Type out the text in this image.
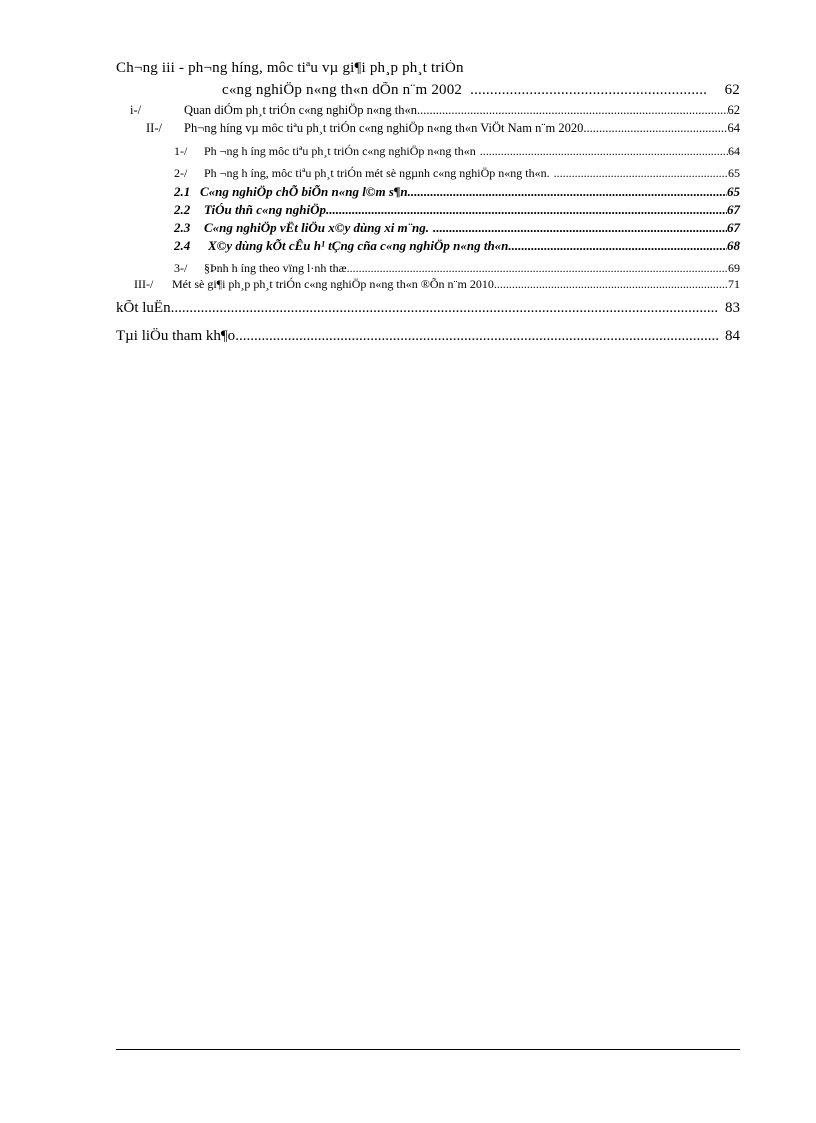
Ch¬ng iii - ph¬ng híng, môc tiªu vµ gi¶i ph¸p ph¸t triÓn
c«ng nghiÖp n«ng th«n dÕn n¨m 2002 .....	62
i-/	Quan diÓm ph¸t triÓn c«ng nghiÖp n«ng th«n. .....	62
II-/	Ph¬ng híng vµ môc tiªu ph¸t triÓn c«ng nghiÖp n«ng th«n ViÖt Nam n¨m 2020 .....	64
1-/	Ph ¬ng h íng môc tiªu ph¸t triÓn c«ng nghiÖp n«ng th«n .....	64
2-/	Ph ¬ng h íng, môc tiªu ph¸t triÓn mét sè ngµnh c«ng nghiÖp n«ng th«n. .....	65
2.1 C«ng nghiÖp chÕ biÕn n«ng l©m s¶n. .....	65
2.2	TiÓu thñ c«ng nghiÖp .....	67
2.3	C«ng nghiÖp vËt liÖu x©y dùng xi m¨ng. .....	67
2.4	X©y dùng kÕt cÊu h¹ tÇng cña c«ng nghiÖp n«ng th«n .....	68
3-/	§Þnh h íng theo vïng l·nh thæ. .....	69
III-/	Mét sè gi¶i ph¸p ph¸t triÓn c«ng nghiÖp n«ng th«n ®Õn n¨m 2010. .....	71
kÕt luËn .....	83
Tµi liÖu tham kh¶o .....	84
